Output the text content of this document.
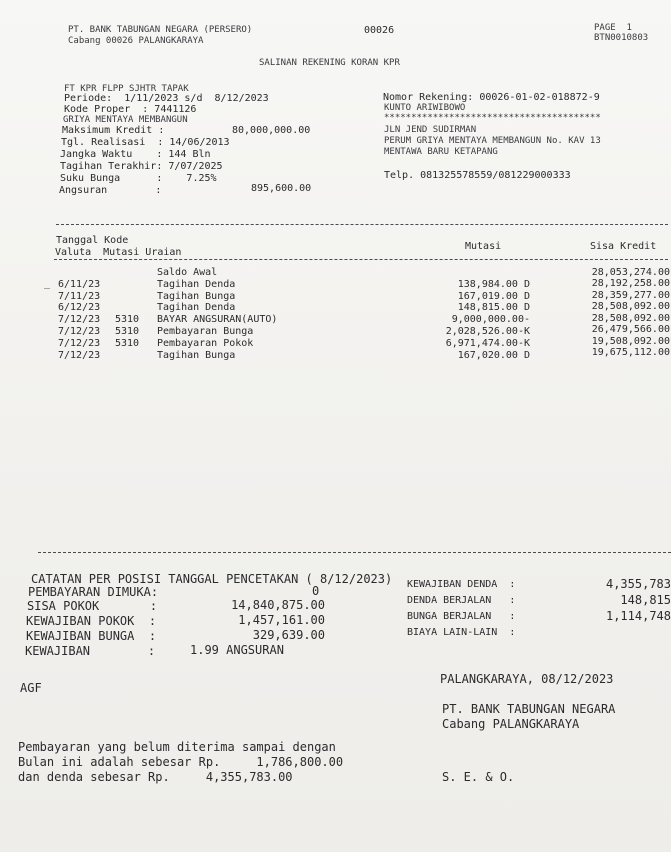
PT. BANK TABUNGAN NEGARA (PERSERO)
Cabang 00026 PALANGKARAYA
00026	PAGE  1
BTN0010803
SALINAN REKENING KORAN KPR
FT KPR FLPP SJHTR TAPAK
Periode:  1/11/2023 s/d  8/12/2023
Kode Proper  : 7441126
GRIYA MENTAYA MEMBANGUN
Maksimum Kredit :	80,000,000.00
Tgl. Realisasi  : 14/06/2013
Jangka Waktu    : 144 Bln
Tagihan Terakhir: 7/07/2025
Suku Bunga      :    7.25%
Angsuran        :	895,600.00
Nomor Rekening: 00026-01-02-018872-9
KUNTO ARIWIBOWO
****************************************
JLN JEND SUDIRMAN
PERUM GRIYA MENTAYA MEMBANGUN No. KAV 13
MENTAWA BARU KETAPANG
Telp. 081325578559/081229000333
Tanggal Kode
Valuta  Mutasi Uraian
Mutasi	Sisa Kredit
Saldo Awal	28,053,274.00
6/11/23	Tagihan Denda	138,984.00 D	28,192,258.00
7/11/23	Tagihan Bunga	167,019.00 D	28,359,277.00
6/12/23	Tagihan Denda	148,815.00 D	28,508,092.00
7/12/23 5310 BAYAR ANGSURAN(AUTO)	9,000,000.00-	28,508,092.00
7/12/23 5310 Pembayaran Bunga	2,028,526.00-K	26,479,566.00
7/12/23 5310 Pembayaran Pokok	6,971,474.00-K	19,508,092.00
7/12/23	Tagihan Bunga	167,020.00 D	19,675,112.00
_
CATATAN PER POSISI TANGGAL PENCETAKAN ( 8/12/2023)
PEMBAYARAN DIMUKA:	0
SISA POKOK       :	14,840,875.00
KEWAJIBAN POKOK  :	1,457,161.00
KEWAJIBAN BUNGA  :	329,639.00
KEWAJIBAN        :	1.99 ANGSURAN
KEWAJIBAN DENDA  :	4,355,783
DENDA BERJALAN   :	148,815
BUNGA BERJALAN   :	1,114,748
BIAYA LAIN-LAIN  :
AGF
PALANGKARAYA, 08/12/2023
PT. BANK TABUNGAN NEGARA
Cabang PALANGKARAYA
Pembayaran yang belum diterima sampai dengan
Bulan ini adalah sebesar Rp.     1,786,800.00
dan denda sebesar Rp.     4,355,783.00	S. E. & O.
